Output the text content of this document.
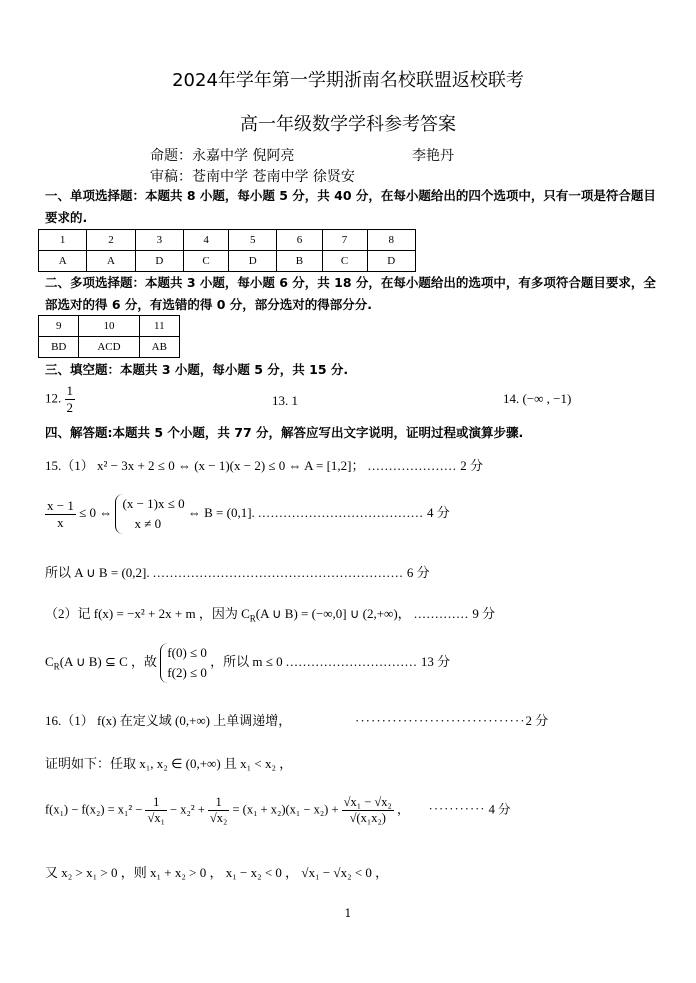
2024年学年第一学期浙南名校联盟返校联考
高一年级数学学科参考答案
命题：永嘉中学 倪阿亮	李艳丹
审稿：苍南中学 苍南中学 徐贤安
一、单项选择题：本题共 8 小题，每小题 5 分，共 40 分，在每小题给出的四个选项中，只有一项是符合题目要求的.
1	2	3	4	5	6	7	8
A	A	D	C	D	B	C	D
二、多项选择题：本题共 3 小题，每小题 6 分，共 18 分，在每小题给出的选项中，有多项符合题目要求，全部选对的得 6 分，有选错的得 0 分，部分选对的得部分分.
9	10	11
BD	ACD	AB
三、填空题：本题共 3 小题，每小题 5 分，共 15 分.
12. $\frac{1}{2}$	13. 1	14. (−∞ , −1)
四、解答题:本题共 5 个小题，共 77 分，解答应写出文字说明，证明过程或演算步骤.
15.（1） x² − 3x + 2 ≤ 0 ⇔ (x − 1)(x − 2) ≤ 0 ⇔ A = [1,2]； ..................... 2 分
$\frac{x - 1}{x} \le 0$ ⇔
(x − 1)x ≤ 0
x ≠ 0
⇔ B = (0,1]. ....................................... 4 分
所以 A ∪ B = (0,2]. ........................................................... 6 分
（2）记 f(x) = −x² + 2x + m ，因为 $C_R(A$ ∪ B) = (−∞,0] ∪ (2,+∞)， ............. 9 分
$C_R(A$ ∪ B) ⊆ C ，故
f(0) ≤ 0
f(2) ≤ 0
，所以 m ≤ 0 ............................... 13 分
16.（1） f(x) 在定义域 (0,+∞) 上单调递增，	································2 分
证明如下：任取 x₁, x₂ ∈ (0,+∞) 且 x₁ < x₂ ，
$f(x_1) - f(x_2) = x_1^2 - \frac{1}{\text{√x₁}} - x_2^2 + \frac{1}{\text{√x₂}} = (x_1 + x_2)(x_1 - x_2) + \frac{\text{√x₁ − √x₂}}{\text{√(x₁x₂)}}$ ， ··········· 4 分
又 x₂ > x₁ > 0 ，则 x₁ + x₂ > 0 ， x₁ − x₂ < 0 ， √x₁ − √x₂ < 0 ，
1
